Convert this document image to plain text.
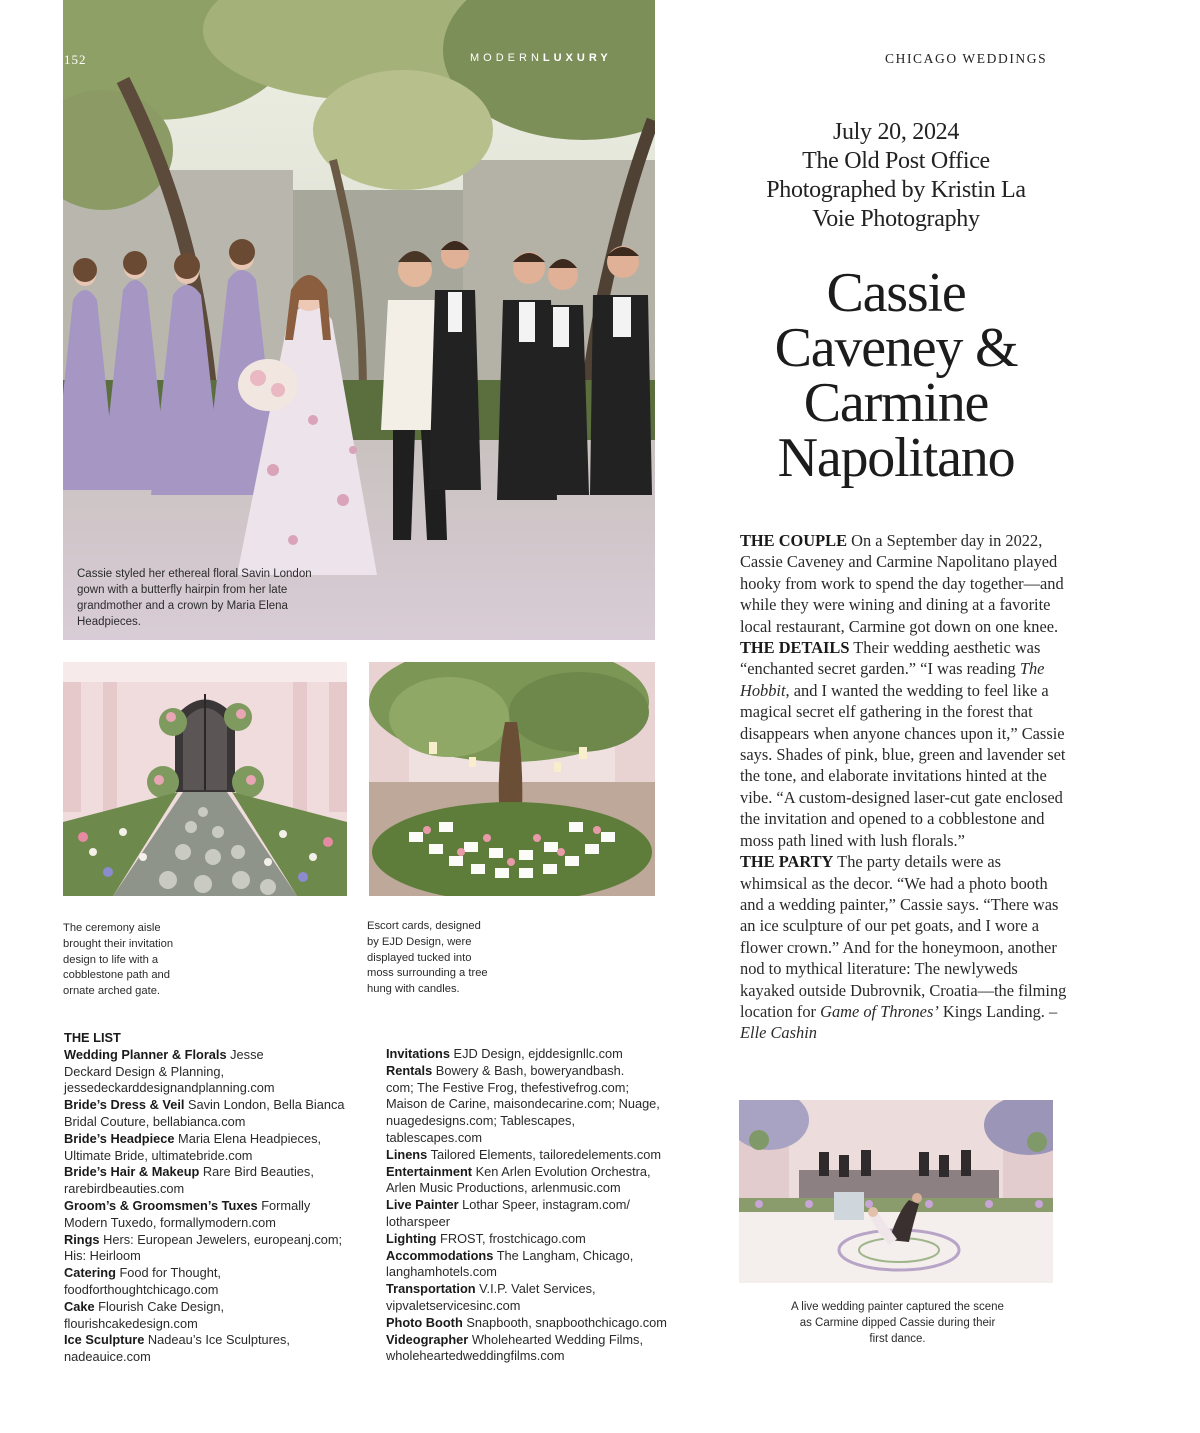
152	MODERNLUXURY	CHICAGO WEDDINGS
Cassie styled her ethereal floral Savin London gown with a butterfly hairpin from her late grandmother and a crown by Maria Elena Headpieces.
The ceremony aisle
brought their invitation
design to life with a
cobblestone path and
ornate arched gate.
Escort cards, designed
by EJD Design, were
displayed tucked into
moss surrounding a tree
hung with candles.
July 20, 2024
The Old Post Office
Photographed by Kristin La
Voie Photography
Cassie
Caveney &
Carmine
Napolitano

THE COUPLE On a September day in 2022, Cassie Caveney and Carmine Napolitano played hooky from work to spend the day together—and while they were wining and dining at a favorite local restaurant, Carmine got down on one knee.

THE DETAILS Their wedding aesthetic was “enchanted secret garden.” “I was reading The Hobbit, and I wanted the wedding to feel like a magical secret elf gathering in the forest that disappears when anyone chances upon it,” Cassie says. Shades of pink, blue, green and lavender set the tone, and elaborate invitations hinted at the vibe. “A custom-designed laser-cut gate enclosed the invitation and opened to a cobblestone and moss path lined with lush florals.”

THE PARTY The party details were as whimsical as the decor. “We had a photo booth and a wedding painter,” Cassie says. “There was an ice sculpture of our pet goats, and I wore a flower crown.” And for the honeymoon, another nod to mythical literature: The newlyweds kayaked outside Dubrovnik, Croatia—the filming location for Game of Thrones’ Kings Landing. –Elle Cashin

THE LIST
Wedding Planner & Florals Jesse
Deckard Design & Planning,
jessedeckarddesignandplanning.com
Bride’s Dress & Veil Savin London, Bella Bianca
Bridal Couture, bellabianca.com
Bride’s Headpiece Maria Elena Headpieces,
Ultimate Bride, ultimatebride.com
Bride’s Hair & Makeup Rare Bird Beauties,
rarebirdbeauties.com
Groom’s & Groomsmen’s Tuxes Formally
Modern Tuxedo, formallymodern.com
Rings Hers: European Jewelers, europeanj.com;
His: Heirloom
Catering Food for Thought,
foodforthoughtchicago.com
Cake Flourish Cake Design,
flourishcakedesign.com
Ice Sculpture Nadeau’s Ice Sculptures,
nadeauice.com
Invitations EJD Design, ejddesignllc.com
Rentals Bowery & Bash, boweryandbash.
com; The Festive Frog, thefestivefrog.com;
Maison de Carine, maisondecarine.com; Nuage,
nuagedesigns.com; Tablescapes,
tablescapes.com
Linens Tailored Elements, tailoredelements.com
Entertainment Ken Arlen Evolution Orchestra,
Arlen Music Productions, arlenmusic.com
Live Painter Lothar Speer, instagram.com/
lotharspeer
Lighting FROST, frostchicago.com
Accommodations The Langham, Chicago,
langhamhotels.com
Transportation V.I.P. Valet Services,
vipvaletservicesinc.com
Photo Booth Snapbooth, snapboothchicago.com
Videographer Wholehearted Wedding Films,
wholeheartedweddingfilms.com
A live wedding painter captured the scene
as Carmine dipped Cassie during their
first dance.
